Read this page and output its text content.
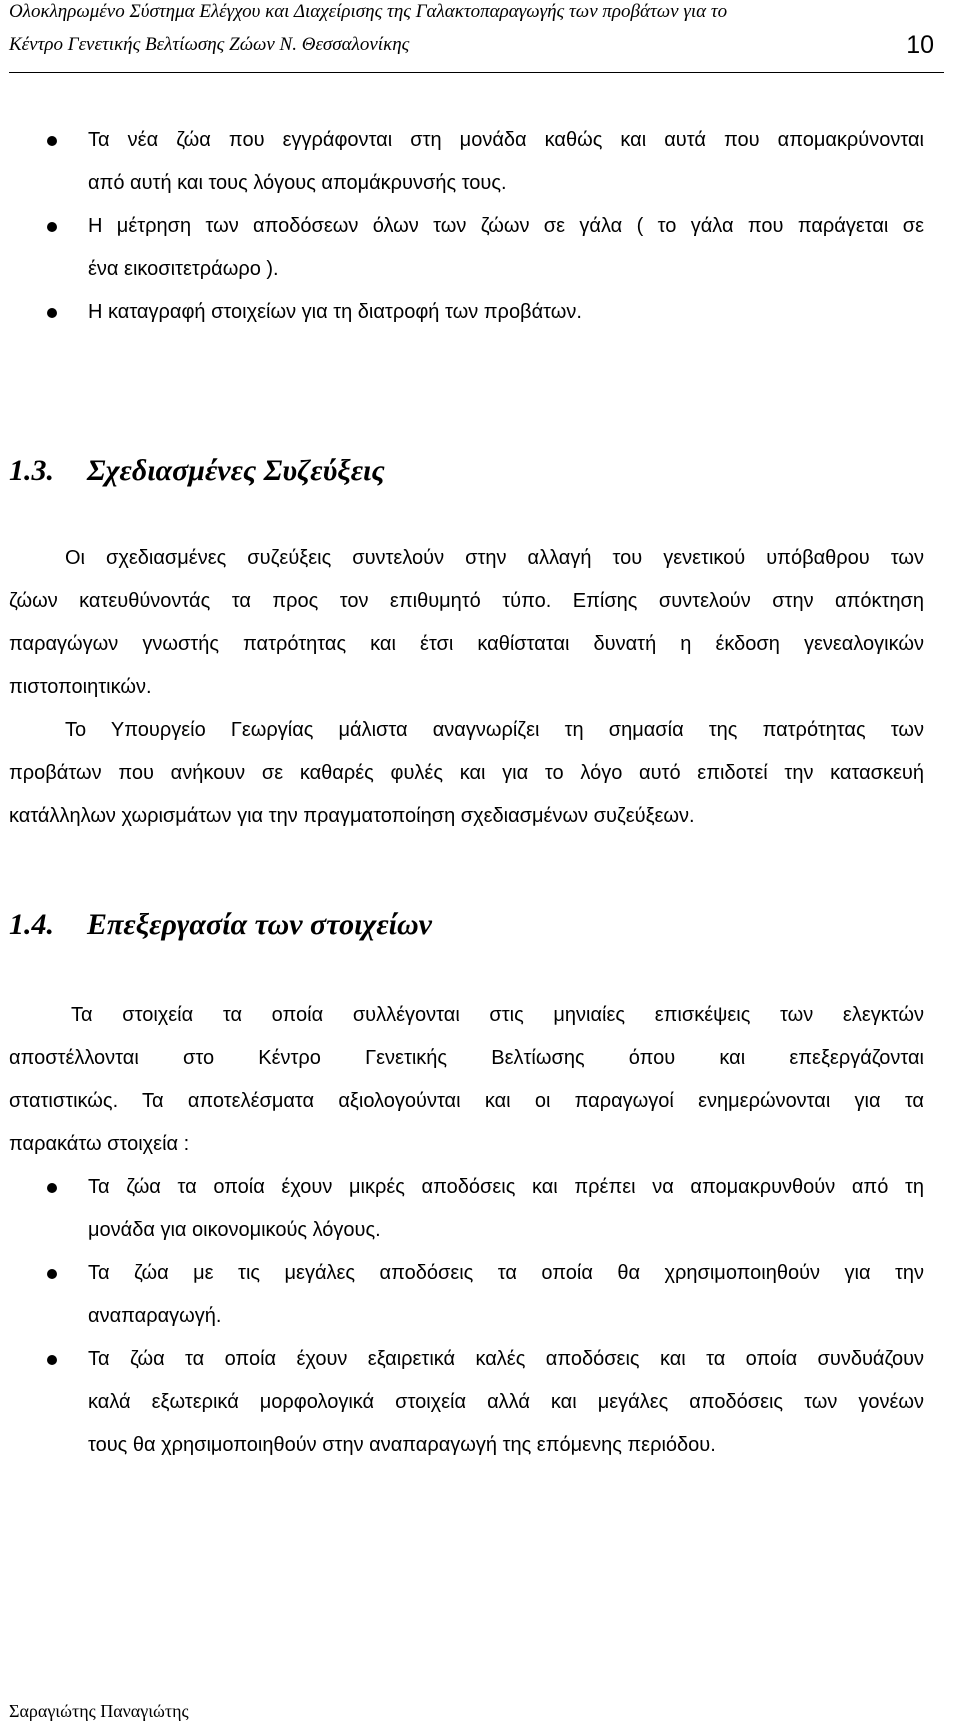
Ολοκληρωμένο Σύστημα Ελέγχου και Διαχείρισης της Γαλακτοπαραγωγής των προβάτων για το
Κέντρο Γενετικής Βελτίωσης Ζώων Ν. Θεσσαλονίκης	10
Τα νέα ζώα που εγγράφονται στη μονάδα καθώς και αυτά που απομακρύνονται
από αυτή και τους λόγους απομάκρυνσής τους.
Η μέτρηση των αποδόσεων όλων των ζώων σε γάλα ( το γάλα που παράγεται σε
ένα εικοσιτετράωρο ).
Η καταγραφή στοιχείων για τη διατροφή των προβάτων.
1.3. Σχεδιασμένες Συζεύξεις
Οι σχεδιασμένες συζεύξεις συντελούν στην αλλαγή του γενετικού υπόβαθρου των
ζώων κατευθύνοντάς τα προς τον επιθυμητό τύπο. Επίσης συντελούν στην απόκτηση
παραγώγων γνωστής πατρότητας και έτσι καθίσταται δυνατή η έκδοση γενεαλογικών
πιστοποιητικών.
Το Υπουργείο Γεωργίας μάλιστα αναγνωρίζει τη σημασία της πατρότητας των
προβάτων που ανήκουν σε καθαρές φυλές και για το λόγο αυτό επιδοτεί την κατασκευή
κατάλληλων χωρισμάτων για την πραγματοποίηση σχεδιασμένων συζεύξεων.
1.4. Επεξεργασία των στοιχείων
Τα στοιχεία τα οποία συλλέγονται στις μηνιαίες επισκέψεις των ελεγκτών
αποστέλλονται στο Κέντρο Γενετικής Βελτίωσης όπου και επεξεργάζονται
στατιστικώς. Τα αποτελέσματα αξιολογούνται και οι παραγωγοί ενημερώνονται για τα
παρακάτω στοιχεία :
Τα ζώα τα οποία έχουν μικρές αποδόσεις και πρέπει να απομακρυνθούν από τη
μονάδα για οικονομικούς λόγους.
Τα ζώα με τις μεγάλες αποδόσεις τα οποία θα χρησιμοποιηθούν για την
αναπαραγωγή.
Τα ζώα τα οποία έχουν εξαιρετικά καλές αποδόσεις και τα οποία συνδυάζουν
καλά εξωτερικά μορφολογικά στοιχεία αλλά και μεγάλες αποδόσεις των γονέων
τους θα χρησιμοποιηθούν στην αναπαραγωγή της επόμενης περιόδου.
Σαραγιώτης Παναγιώτης
